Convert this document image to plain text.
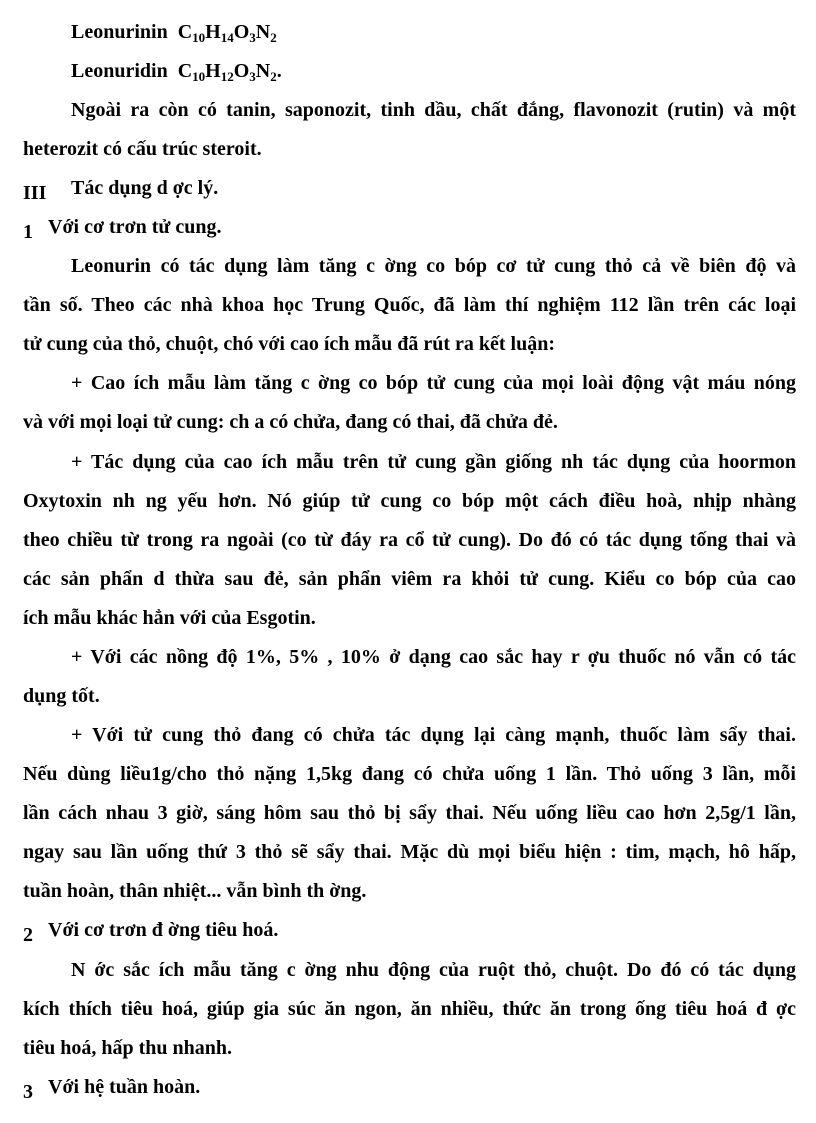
Leonurinin $C_{10}H_{14}O_3N_2$
Leonuridin $C_{10}H_{12}O_3N_2$.
Ngoài ra còn có tanin, saponozit, tinh dầu, chất đắng, flavonozit (rutin) và một
heterozit có cấu trúc steroit.
III Tác dụng d ợc lý.
1 Với cơ trơn tử cung.
Leonurin có tác dụng làm tăng c ờng co bóp cơ tử cung thỏ cả về biên độ và
tần số. Theo các nhà khoa học Trung Quốc, đã làm thí nghiệm 112 lần trên các loại
tử cung của thỏ, chuột, chó với cao ích mẫu đã rút ra kết luận:
+ Cao ích mẫu làm tăng c ờng co bóp tử cung của mọi loài động vật máu nóng
và với mọi loại tử cung: ch a có chửa, đang có thai, đã chửa đẻ.
+ Tác dụng của cao ích mẫu trên tử cung gần giống nh tác dụng của hoormon
Oxytoxin nh ng yếu hơn. Nó giúp tử cung co bóp một cách điều hoà, nhịp nhàng
theo chiều từ trong ra ngoài (co từ đáy ra cổ tử cung). Do đó có tác dụng tống thai và
các sản phẩn d thừa sau đẻ, sản phẩn viêm ra khỏi tử cung. Kiểu co bóp của cao
ích mẫu khác hẳn với của Esgotin.
+ Với các nồng độ 1%, 5% , 10% ở dạng cao sắc hay r ợu thuốc nó vẫn có tác
dụng tốt.
+ Với tử cung thỏ đang có chửa tác dụng lại càng mạnh, thuốc làm sẩy thai.
Nếu dùng liều1g/cho thỏ nặng 1,5kg đang có chửa uống 1 lần. Thỏ uống 3 lần, mỗi
lần cách nhau 3 giờ, sáng hôm sau thỏ bị sẩy thai. Nếu uống liều cao hơn 2,5g/1 lần,
ngay sau lần uống thứ 3 thỏ sẽ sẩy thai. Mặc dù mọi biểu hiện : tim, mạch, hô hấp,
tuần hoàn, thân nhiệt... vẫn bình th ờng.
2 Với cơ trơn đ ờng tiêu hoá.
N ớc sắc ích mẫu tăng c ờng nhu động của ruột thỏ, chuột. Do đó có tác dụng
kích thích tiêu hoá, giúp gia súc ăn ngon, ăn nhiều, thức ăn trong ống tiêu hoá đ ợc
tiêu hoá, hấp thu nhanh.
3 Với hệ tuần hoàn.
